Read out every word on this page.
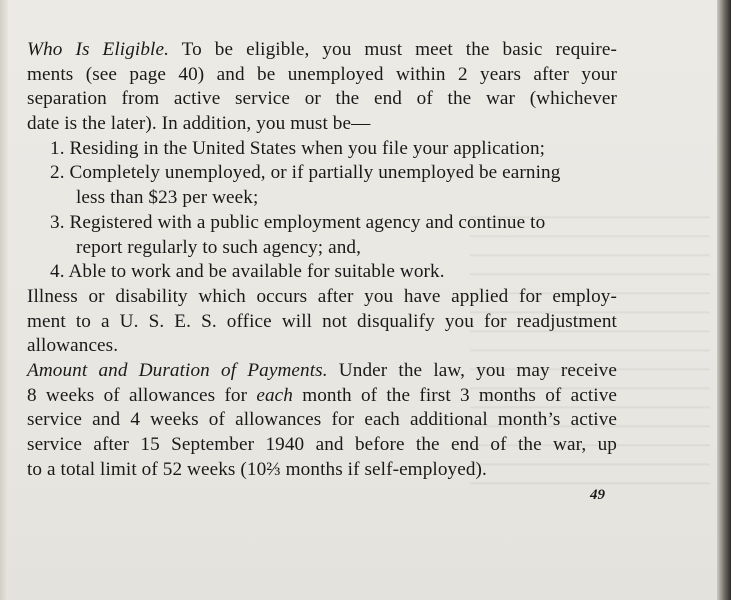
Who Is Eligible. To be eligible, you must meet the basic require-
ments (see page 40) and be unemployed within 2 years after your
separation from active service or the end of the war (whichever
date is the later). In addition, you must be—
1. Residing in the United States when you file your application;
2. Completely unemployed, or if partially unemployed be earning
less than $23 per week;
3. Registered with a public employment agency and continue to
report regularly to such agency; and,
4. Able to work and be available for suitable work.
Illness or disability which occurs after you have applied for employ-
ment to a U. S. E. S. office will not disqualify you for readjustment
allowances.
Amount and Duration of Payments. Under the law, you may receive
8 weeks of allowances for each month of the first 3 months of active
service and 4 weeks of allowances for each additional month’s active
service after 15 September 1940 and before the end of the war, up
to a total limit of 52 weeks (10⅔ months if self-employed).
49
